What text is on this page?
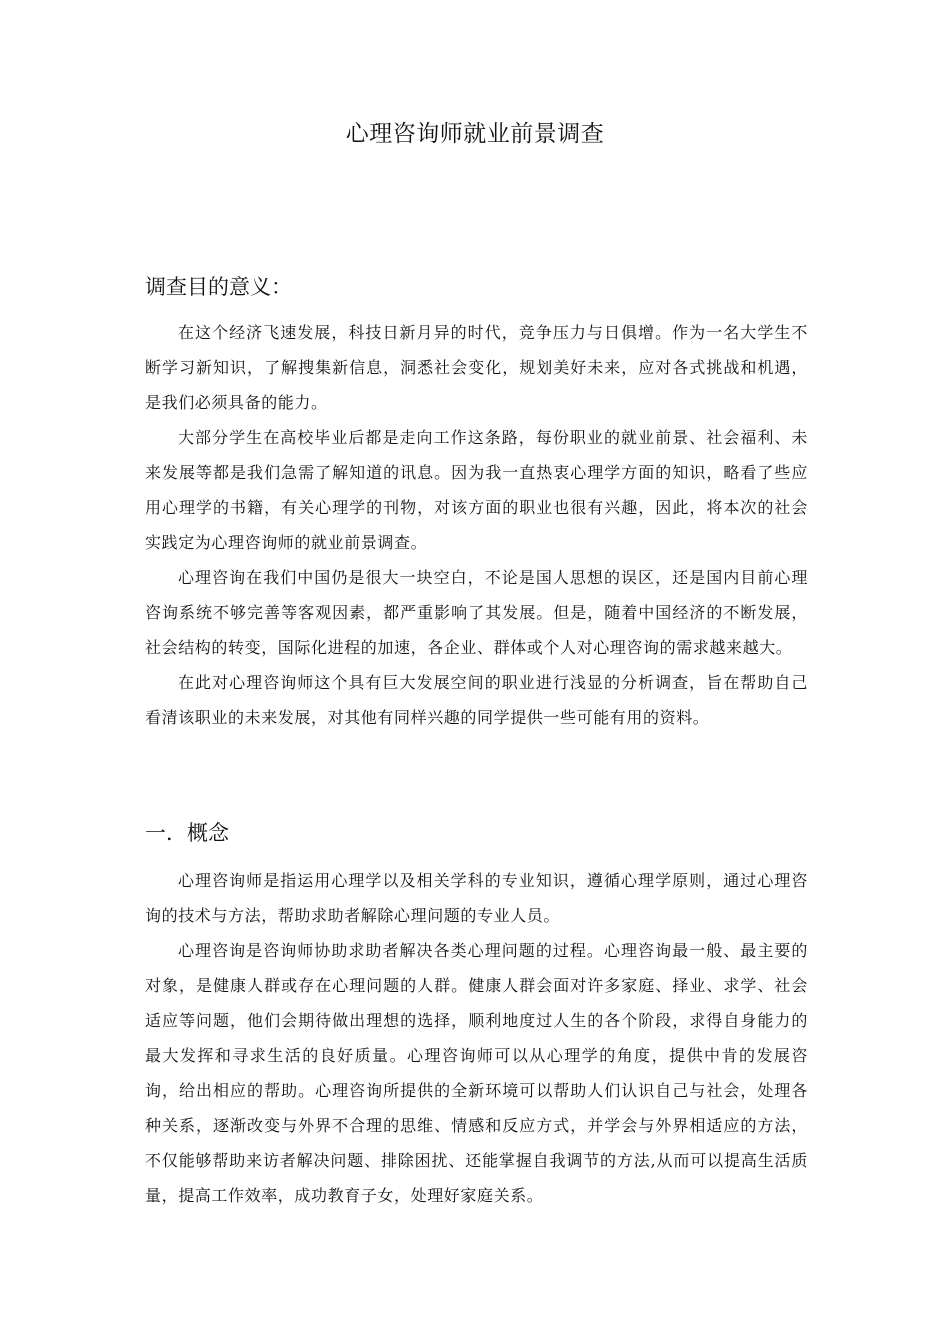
心理咨询师就业前景调查
调查目的意义：

在这个经济飞速发展，科技日新月异的时代，竞争压力与日俱增。作为一名大学生不断学习新知识，了解搜集新信息，洞悉社会变化，规划美好未来，应对各式挑战和机遇，是我们必须具备的能力。

大部分学生在高校毕业后都是走向工作这条路，每份职业的就业前景、社会福利、未来发展等都是我们急需了解知道的讯息。因为我一直热衷心理学方面的知识，略看了些应用心理学的书籍，有关心理学的刊物，对该方面的职业也很有兴趣，因此，将本次的社会实践定为心理咨询师的就业前景调查。

心理咨询在我们中国仍是很大一块空白，不论是国人思想的误区，还是国内目前心理咨询系统不够完善等客观因素，都严重影响了其发展。但是，随着中国经济的不断发展，社会结构的转变，国际化进程的加速，各企业、群体或个人对心理咨询的需求越来越大。

在此对心理咨询师这个具有巨大发展空间的职业进行浅显的分析调查，旨在帮助自己看清该职业的未来发展，对其他有同样兴趣的同学提供一些可能有用的资料。

一．概念

心理咨询师是指运用心理学以及相关学科的专业知识，遵循心理学原则，通过心理咨询的技术与方法，帮助求助者解除心理问题的专业人员。

心理咨询是咨询师协助求助者解决各类心理问题的过程。心理咨询最一般、最主要的对象，是健康人群或存在心理问题的人群。健康人群会面对许多家庭、择业、求学、社会适应等问题，他们会期待做出理想的选择，顺利地度过人生的各个阶段，求得自身能力的最大发挥和寻求生活的良好质量。心理咨询师可以从心理学的角度，提供中肯的发展咨询，给出相应的帮助。心理咨询所提供的全新环境可以帮助人们认识自己与社会，处理各种关系，逐渐改变与外界不合理的思维、情感和反应方式，并学会与外界相适应的方法，不仅能够帮助来访者解决问题、排除困扰、还能掌握自我调节的方法,从而可以提高生活质量，提高工作效率，成功教育子女，处理好家庭关系。
